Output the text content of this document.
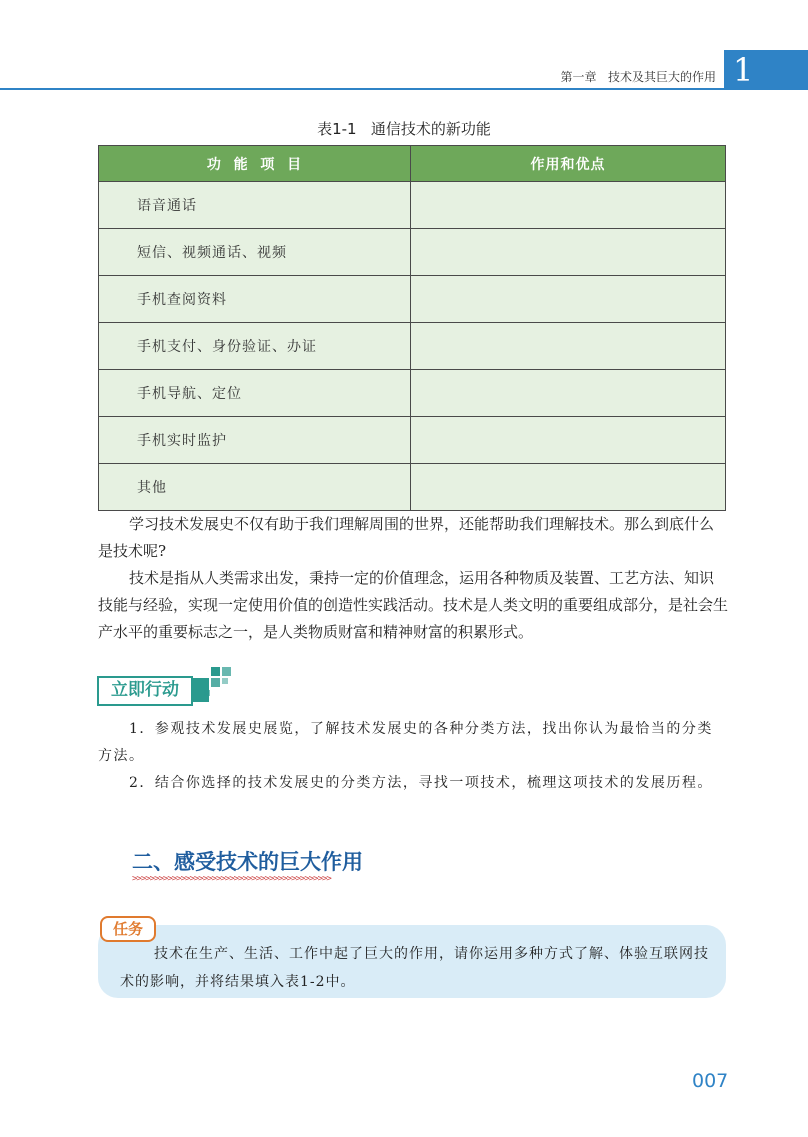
第一章 技术及其巨大的作用 1
表1-1 通信技术的新功能
功  能  项  目	作用和优点
语音通话	
短信、视频通话、视频	
手机查阅资料	
手机支付、身份验证、办证	
手机导航、定位	
手机实时监护	
其他	

学习技术发展史不仅有助于我们理解周围的世界，还能帮助我们理解技术。那么到底什么是技术呢?

技术是指从人类需求出发，秉持一定的价值理念，运用各种物质及装置、工艺方法、知识技能与经验，实现一定使用价值的创造性实践活动。技术是人类文明的重要组成部分，是社会生产水平的重要标志之一，是人类物质财富和精神财富的积累形式。

立即行动

1．参观技术发展史展览，了解技术发展史的各种分类方法，找出你认为最恰当的分类方法。

2．结合你选择的技术发展史的分类方法，寻找一项技术，梳理这项技术的发展历程。

二、感受技术的巨大作用
>>>>>>>>>>>>>>>>>>>>>>>>>>>>>>>>>>>>>>>>>>>>>
任务

技术在生产、生活、工作中起了巨大的作用，请你运用多种方式了解、体验互联网技术的影响，并将结果填入表1-2中。

007
